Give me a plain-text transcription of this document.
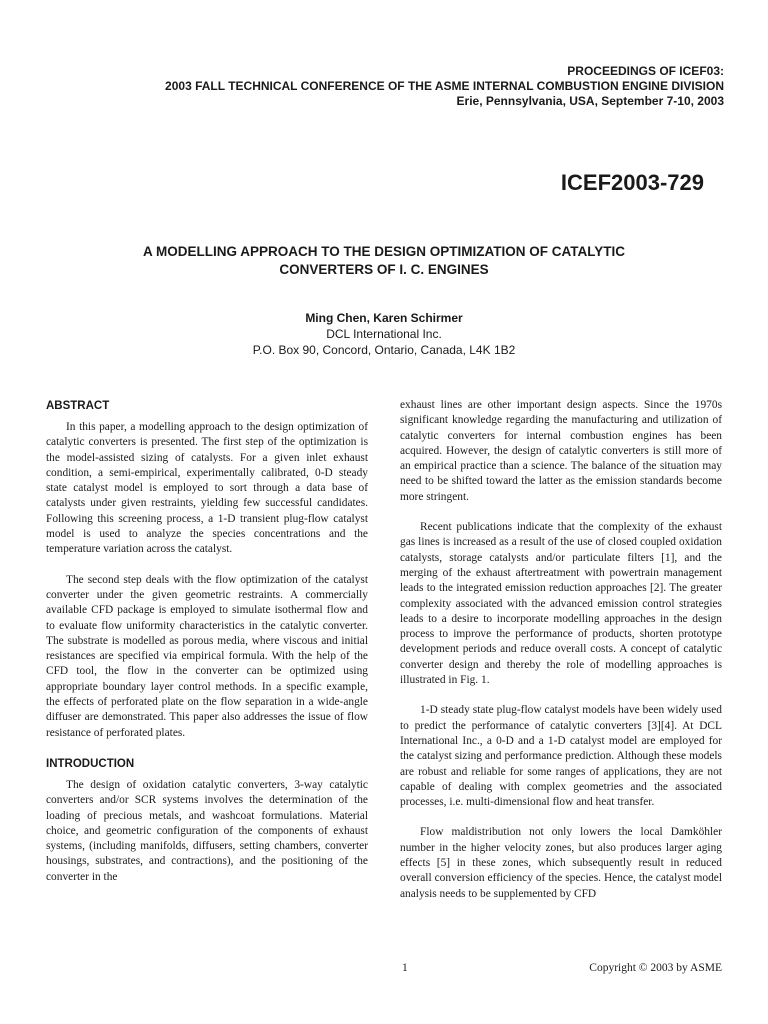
PROCEEDINGS OF ICEF03:
2003 FALL TECHNICAL CONFERENCE OF THE ASME INTERNAL COMBUSTION ENGINE DIVISION
Erie, Pennsylvania, USA, September 7-10, 2003
ICEF2003-729
A MODELLING APPROACH TO THE DESIGN OPTIMIZATION OF CATALYTIC
CONVERTERS OF I. C. ENGINES
Ming Chen, Karen Schirmer
DCL International Inc.
P.O. Box 90, Concord, Ontario, Canada, L4K 1B2
ABSTRACT

In this paper, a modelling approach to the design optimization of catalytic converters is presented. The first step of the optimization is the model-assisted sizing of catalysts. For a given inlet exhaust condition, a semi-empirical, experimentally calibrated, 0-D steady state catalyst model is employed to sort through a data base of catalysts under given restraints, yielding few successful candidates. Following this screening process, a 1-D transient plug-flow catalyst model is used to analyze the species concentrations and the temperature variation across the catalyst.

The second step deals with the flow optimization of the catalyst converter under the given geometric restraints. A commercially available CFD package is employed to simulate isothermal flow and to evaluate flow uniformity characteristics in the catalytic converter. The substrate is modelled as porous media, where viscous and initial resistances are specified via empirical formula. With the help of the CFD tool, the flow in the converter can be optimized using appropriate boundary layer control methods. In a specific example, the effects of perforated plate on the flow separation in a wide-angle diffuser are demonstrated. This paper also addresses the issue of flow resistance of perforated plates.

INTRODUCTION

The design of oxidation catalytic converters, 3-way catalytic converters and/or SCR systems involves the determination of the loading of precious metals, and washcoat formulations. Material choice, and geometric configuration of the components of exhaust systems, (including manifolds, diffusers, setting chambers, converter housings, substrates, and contractions), and the positioning of the converter in the

exhaust lines are other important design aspects. Since the 1970s significant knowledge regarding the manufacturing and utilization of catalytic converters for internal combustion engines has been acquired. However, the design of catalytic converters is still more of an empirical practice than a science. The balance of the situation may need to be shifted toward the latter as the emission standards become more stringent.

Recent publications indicate that the complexity of the exhaust gas lines is increased as a result of the use of closed coupled oxidation catalysts, storage catalysts and/or particulate filters [1], and the merging of the exhaust aftertreatment with powertrain management leads to the integrated emission reduction approaches [2]. The greater complexity associated with the advanced emission control strategies leads to a desire to incorporate modelling approaches in the design process to improve the performance of products, shorten prototype development periods and reduce overall costs. A concept of catalytic converter design and thereby the role of modelling approaches is illustrated in Fig. 1.

1-D steady state plug-flow catalyst models have been widely used to predict the performance of catalytic converters [3][4]. At DCL International Inc., a 0-D and a 1-D catalyst model are employed for the catalyst sizing and performance prediction. Although these models are robust and reliable for some ranges of applications, they are not capable of dealing with complex geometries and the associated processes, i.e. multi-dimensional flow and heat transfer.

Flow maldistribution not only lowers the local Damköhler number in the higher velocity zones, but also produces larger aging effects [5] in these zones, which subsequently result in reduced overall conversion efficiency of the species. Hence, the catalyst model analysis needs to be supplemented by CFD

1	Copyright © 2003 by ASME
